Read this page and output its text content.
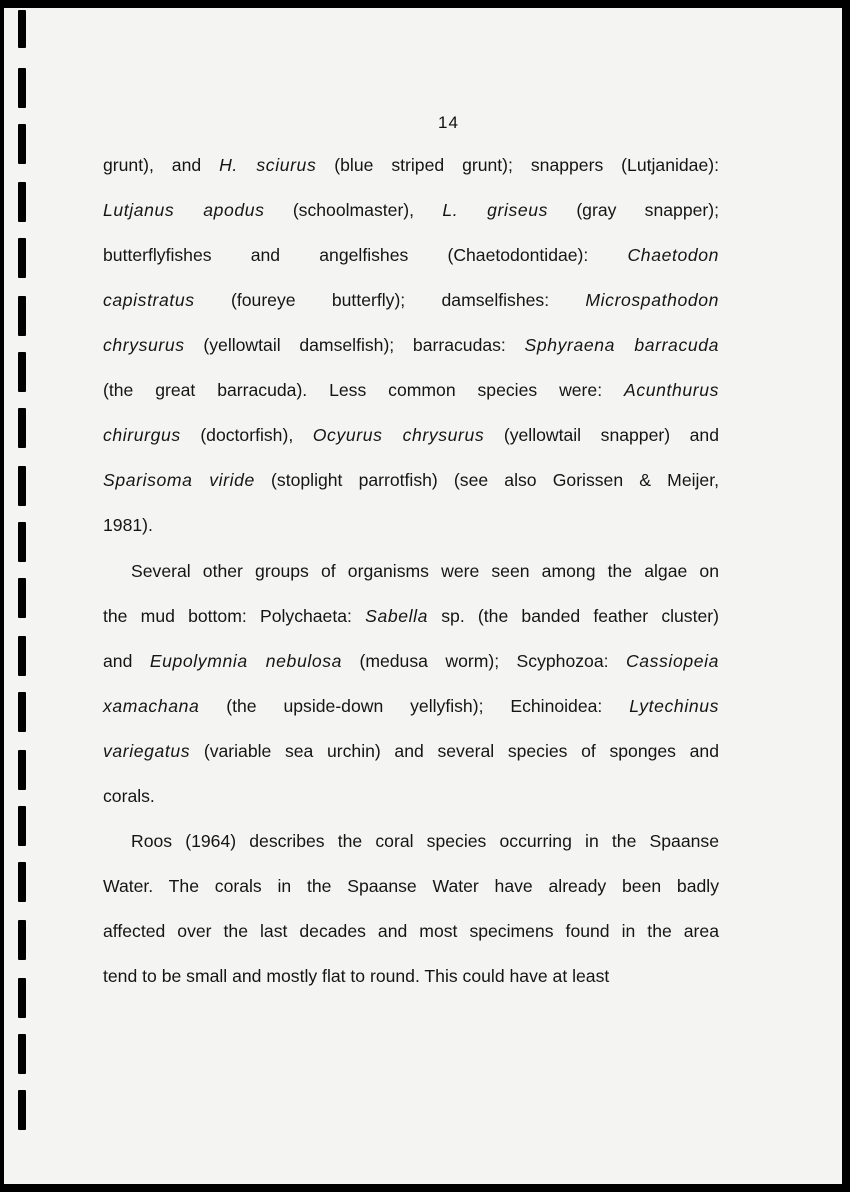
14
grunt), and H. sciurus (blue striped grunt); snappers (Lutjanidae):
Lutjanus apodus (schoolmaster), L. griseus (gray snapper);
butterflyfishes and angelfishes (Chaetodontidae): Chaetodon
capistratus (foureye butterfly); damselfishes: Microspathodon
chrysurus (yellowtail damselfish); barracudas: Sphyraena barracuda
(the great barracuda). Less common species were: Acunthurus
chirurgus (doctorfish), Ocyurus chrysurus (yellowtail snapper) and
Sparisoma viride (stoplight parrotfish) (see also Gorissen & Meijer,
1981).
Several other groups of organisms were seen among the algae on
the mud bottom: Polychaeta: Sabella sp. (the banded feather cluster)
and Eupolymnia nebulosa (medusa worm); Scyphozoa: Cassiopeia
xamachana (the upside-down yellyfish); Echinoidea: Lytechinus
variegatus (variable sea urchin) and several species of sponges and
corals.
Roos (1964) describes the coral species occurring in the Spaanse
Water. The corals in the Spaanse Water have already been badly
affected over the last decades and most specimens found in the area
tend to be small and mostly flat to round. This could have at least
